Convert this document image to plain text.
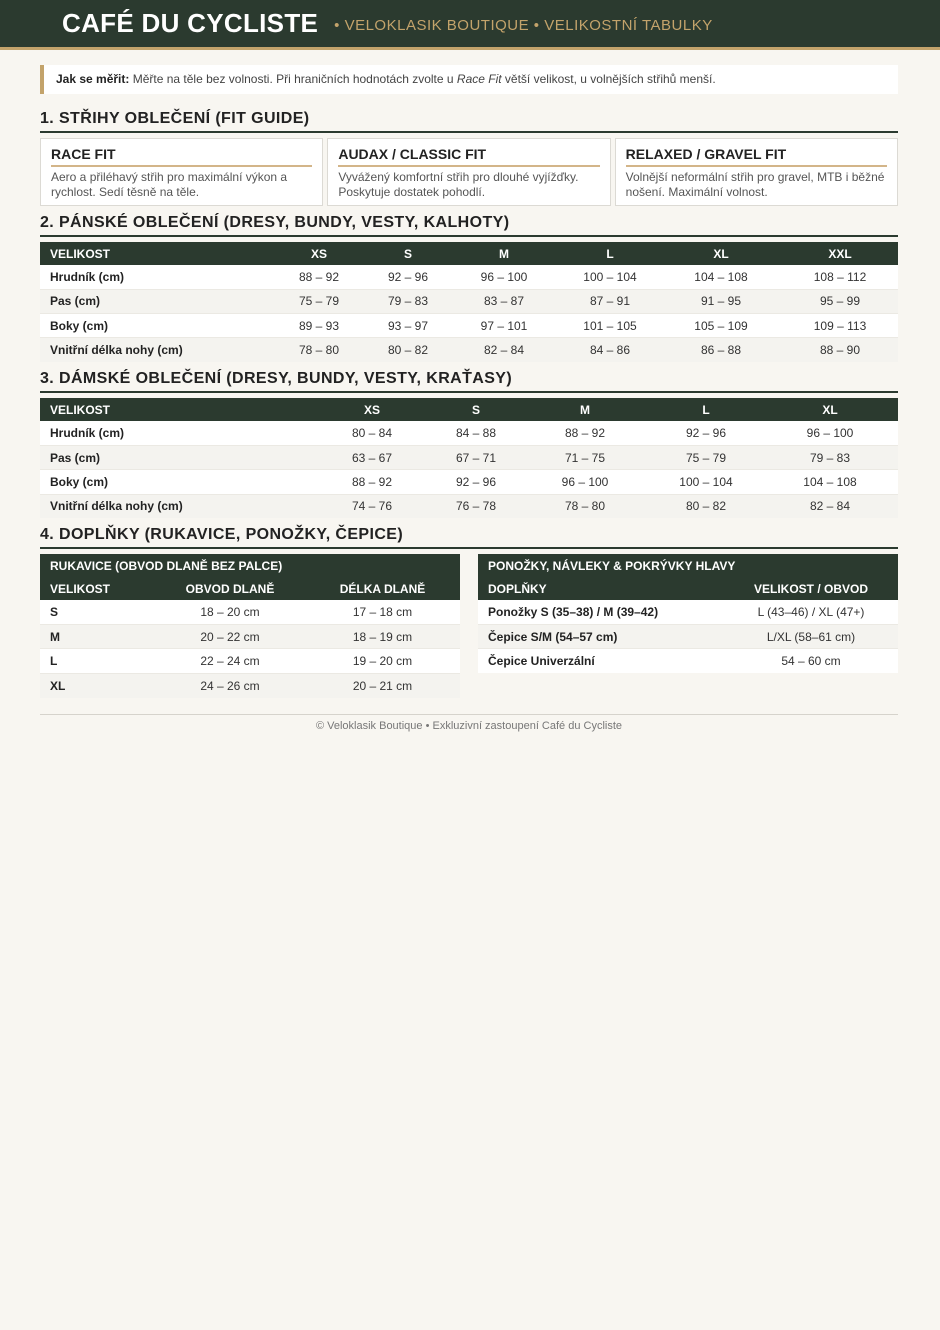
CAFÉ DU CYCLISTE • VELOKLASIK BOUTIQUE • VELIKOSTNÍ TABULKY
Jak se měřit: Měřte na těle bez volnosti. Při hraničních hodnotách zvolte u Race Fit větší velikost, u volnějších střihů menší.
1. STŘIHY OBLEČENÍ (FIT GUIDE)
RACE FIT
Aero a přiléhavý střih pro maximální výkon a rychlost. Sedí těsně na těle.
AUDAX / CLASSIC FIT
Vyvážený komfortní střih pro dlouhé vyjížďky. Poskytuje dostatek pohodlí.
RELAXED / GRAVEL FIT
Volnější neformální střih pro gravel, MTB i běžné nošení. Maximální volnost.
2. PÁNSKÉ OBLEČENÍ (DRESY, BUNDY, VESTY, KALHOTY)
VELIKOST	XS	S	M	L	XL	XXL
Hrudník (cm)	88 – 92	92 – 96	96 – 100	100 – 104	104 – 108	108 – 112
Pas (cm)	75 – 79	79 – 83	83 – 87	87 – 91	91 – 95	95 – 99
Boky (cm)	89 – 93	93 – 97	97 – 101	101 – 105	105 – 109	109 – 113
Vnitřní délka nohy (cm)	78 – 80	80 – 82	82 – 84	84 – 86	86 – 88	88 – 90
3. DÁMSKÉ OBLEČENÍ (DRESY, BUNDY, VESTY, KRAŤASY)
VELIKOST	XS	S	M	L	XL
Hrudník (cm)	80 – 84	84 – 88	88 – 92	92 – 96	96 – 100
Pas (cm)	63 – 67	67 – 71	71 – 75	75 – 79	79 – 83
Boky (cm)	88 – 92	92 – 96	96 – 100	100 – 104	104 – 108
Vnitřní délka nohy (cm)	74 – 76	76 – 78	78 – 80	80 – 82	82 – 84
4. DOPLŇKY (RUKAVICE, PONOŽKY, ČEPICE)
RUKAVICE (OBVOD DLANĚ BEZ PALCE)
VELIKOST	OBVOD DLANĚ	DÉLKA DLANĚ
S	18 – 20 cm	17 – 18 cm
M	20 – 22 cm	18 – 19 cm
L	22 – 24 cm	19 – 20 cm
XL	24 – 26 cm	20 – 21 cm
PONOŽKY, NÁVLEKY & POKRÝVKY HLAVY
DOPLŇKY	VELIKOST / OBVOD
Ponožky S (35–38) / M (39–42)	L (43–46) / XL (47+)
Čepice S/M (54–57 cm)	L/XL (58–61 cm)
Čepice Univerzální	54 – 60 cm
© Veloklasik Boutique • Exkluzivní zastoupení Café du Cycliste
